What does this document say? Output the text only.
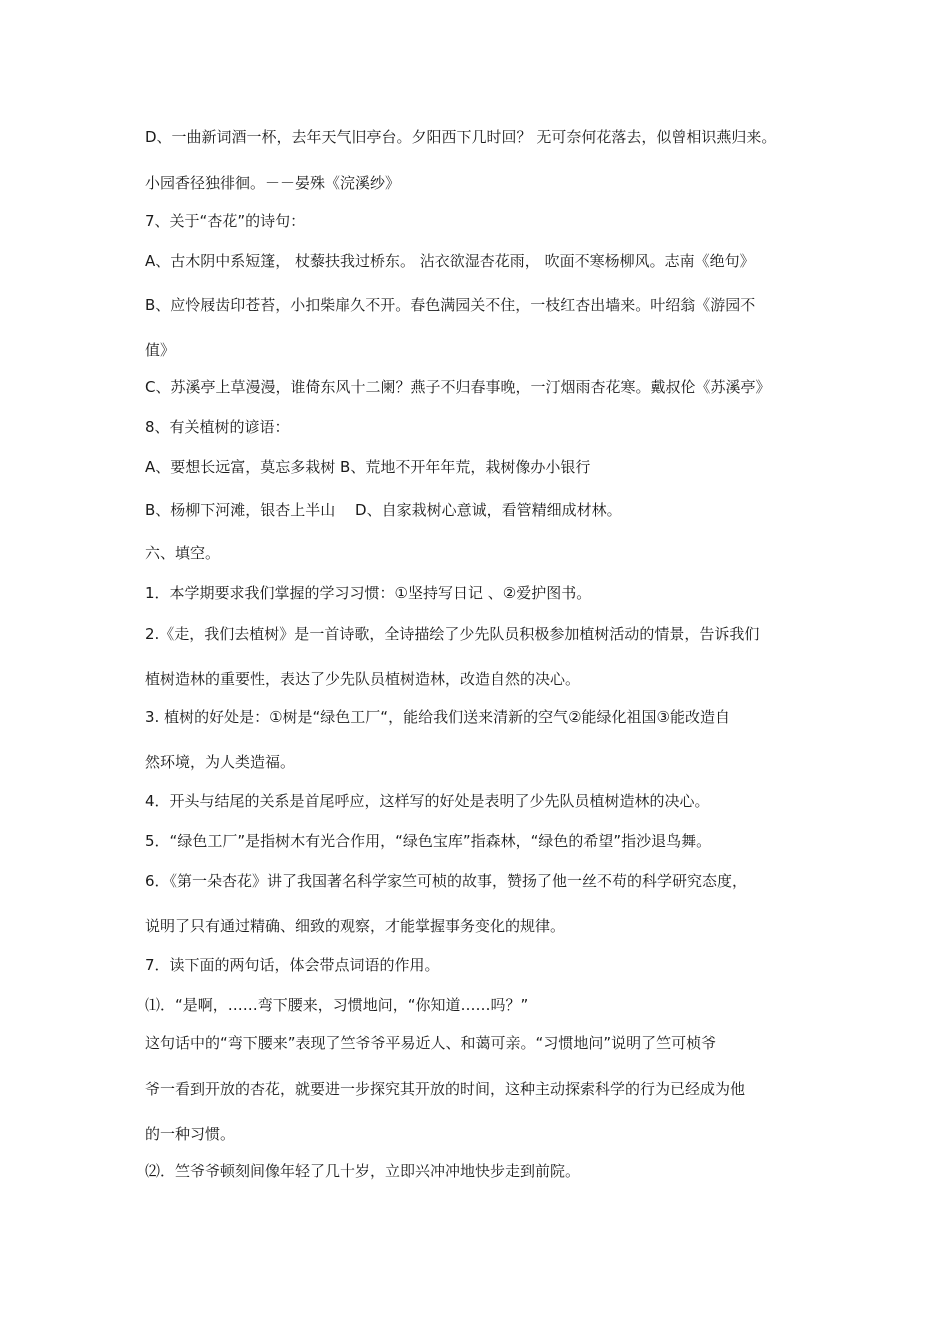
D、一曲新词酒一杯，去年天气旧亭台。夕阳西下几时回？ 无可奈何花落去，似曾相识燕归来。
小园香径独徘徊。－－晏殊《浣溪纱》
7、关于“杏花”的诗句：
A、古木阴中系短篷， 杖藜扶我过桥东。 沾衣欲湿杏花雨， 吹面不寒杨柳风。志南《绝句》
B、应怜屐齿印苍苔，小扣柴扉久不开。春色满园关不住，一枝红杏出墙来。叶绍翁《游园不
值》
C、苏溪亭上草漫漫，谁倚东风十二阑？燕子不归春事晚，一汀烟雨杏花寒。戴叔伦《苏溪亭》
8、有关植树的谚语：
A、要想长远富，莫忘多栽树 B、荒地不开年年荒，栽树像办小银行
B、杨柳下河滩，银杏上半山　 D、自家栽树心意诚，看管精细成材林。
六、填空。
1．本学期要求我们掌握的学习习惯：①坚持写日记 、②爱护图书。
2.《走，我们去植树》是一首诗歌，全诗描绘了少先队员积极参加植树活动的情景，告诉我们
植树造林的重要性，表达了少先队员植树造林，改造自然的决心。
3. 植树的好处是：①树是“绿色工厂“，能给我们送来清新的空气②能绿化祖国③能改造自
然环境，为人类造福。
4．开头与结尾的关系是首尾呼应，这样写的好处是表明了少先队员植树造林的决心。
5．“绿色工厂”是指树木有光合作用，“绿色宝库”指森林，“绿色的希望”指沙退鸟舞。
6．《第一朵杏花》讲了我国著名科学家竺可桢的故事，赞扬了他一丝不苟的科学研究态度，
说明了只有通过精确、细致的观察，才能掌握事务变化的规律。
7．读下面的两句话，体会带点词语的作用。
⑴．“是啊，……弯下腰来，习惯地问，“你知道……吗？”
这句话中的“弯下腰来”表现了竺爷爷平易近人、和蔼可亲。“习惯地问”说明了竺可桢爷
爷一看到开放的杏花，就要进一步探究其开放的时间，这种主动探索科学的行为已经成为他
的一种习惯。
⑵．竺爷爷顿刻间像年轻了几十岁，立即兴冲冲地快步走到前院。
